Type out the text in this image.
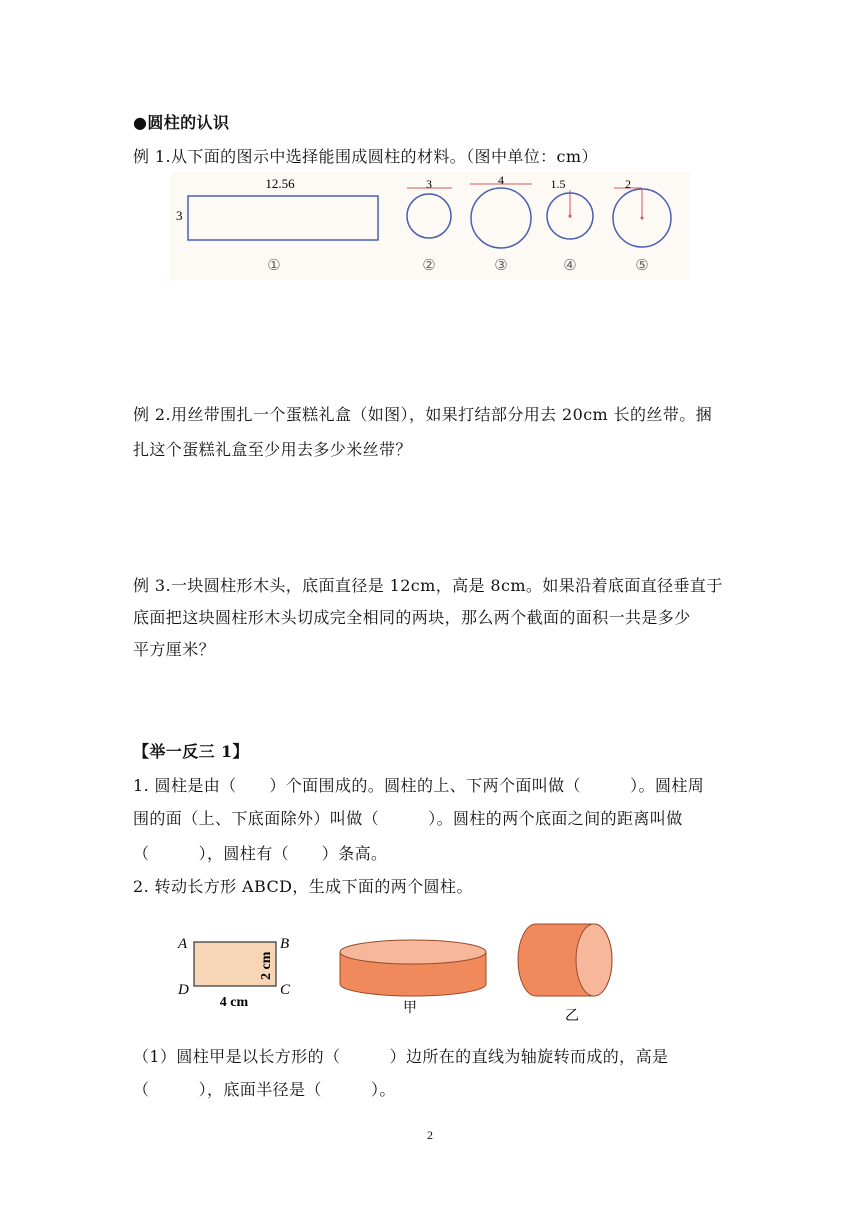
●圆柱的认识
例 1.从下面的图示中选择能围成圆柱的材料。（图中单位：cm）
12.56
3
①
3
②
4
③
1.5
④
2
⑤
例 2.用丝带围扎一个蛋糕礼盒（如图），如果打结部分用去 20cm 长的丝带。捆
扎这个蛋糕礼盒至少用去多少米丝带？
例 3.一块圆柱形木头，底面直径是 12cm，高是 8cm。如果沿着底面直径垂直于
底面把这块圆柱形木头切成完全相同的两块，那么两个截面的面积一共是多少
平方厘米？
【举一反三 1】
1. 圆柱是由（　　）个面围成的。圆柱的上、下两个面叫做（　　　）。圆柱周
围的面（上、下底面除外）叫做（　　　）。圆柱的两个底面之间的距离叫做
（　　　），圆柱有（　　）条高。
2. 转动长方形 ABCD，生成下面的两个圆柱。
A	B
C
D
4 cm
2 cm
甲
乙
（1）圆柱甲是以长方形的（　　　）边所在的直线为轴旋转而成的，高是
（　　　），底面半径是（　　　）。
2
